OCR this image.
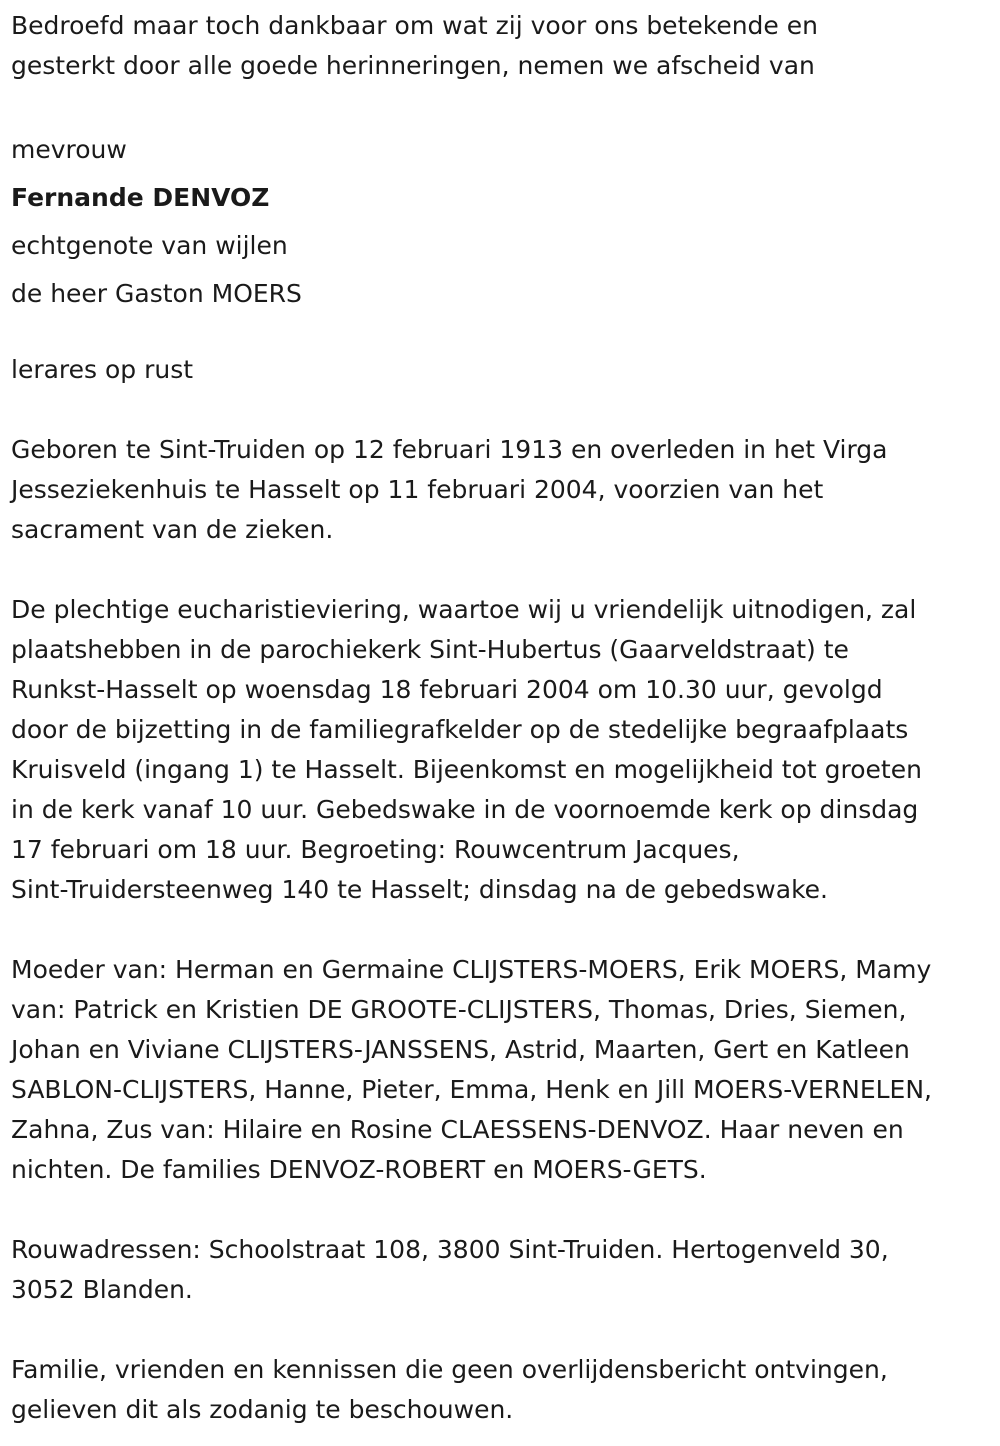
Bedroefd maar toch dankbaar om wat zij voor ons betekende en

gesterkt door alle goede herinneringen, nemen we afscheid van

mevrouw
Fernande DENVOZ
echtgenote van wijlen
de heer Gaston MOERS
lerares op rust

Geboren te Sint-Truiden op 12 februari 1913 en overleden in het Virga

Jesseziekenhuis te Hasselt op 11 februari 2004, voorzien van het

sacrament van de zieken.

De plechtige eucharistieviering, waartoe wij u vriendelijk uitnodigen, zal

plaatshebben in de parochiekerk Sint-Hubertus (Gaarveldstraat) te

Runkst-Hasselt op woensdag 18 februari 2004 om 10.30 uur, gevolgd

door de bijzetting in de familiegrafkelder op de stedelijke begraafplaats

Kruisveld (ingang 1) te Hasselt. Bijeenkomst en mogelijkheid tot groeten

in de kerk vanaf 10 uur. Gebedswake in de voornoemde kerk op dinsdag

17 februari om 18 uur. Begroeting: Rouwcentrum Jacques,

Sint-Truidersteenweg 140 te Hasselt; dinsdag na de gebedswake.

Moeder van: Herman en Germaine CLIJSTERS-MOERS, Erik MOERS, Mamy

van: Patrick en Kristien DE GROOTE-CLIJSTERS, Thomas, Dries, Siemen,

Johan en Viviane CLIJSTERS-JANSSENS, Astrid, Maarten, Gert en Katleen

SABLON-CLIJSTERS, Hanne, Pieter, Emma, Henk en Jill MOERS-VERNELEN,

Zahna, Zus van: Hilaire en Rosine CLAESSENS-DENVOZ. Haar neven en

nichten. De families DENVOZ-ROBERT en MOERS-GETS.

Rouwadressen: Schoolstraat 108, 3800 Sint-Truiden. Hertogenveld 30,

3052 Blanden.

Familie, vrienden en kennissen die geen overlijdensbericht ontvingen,

gelieven dit als zodanig te beschouwen.
